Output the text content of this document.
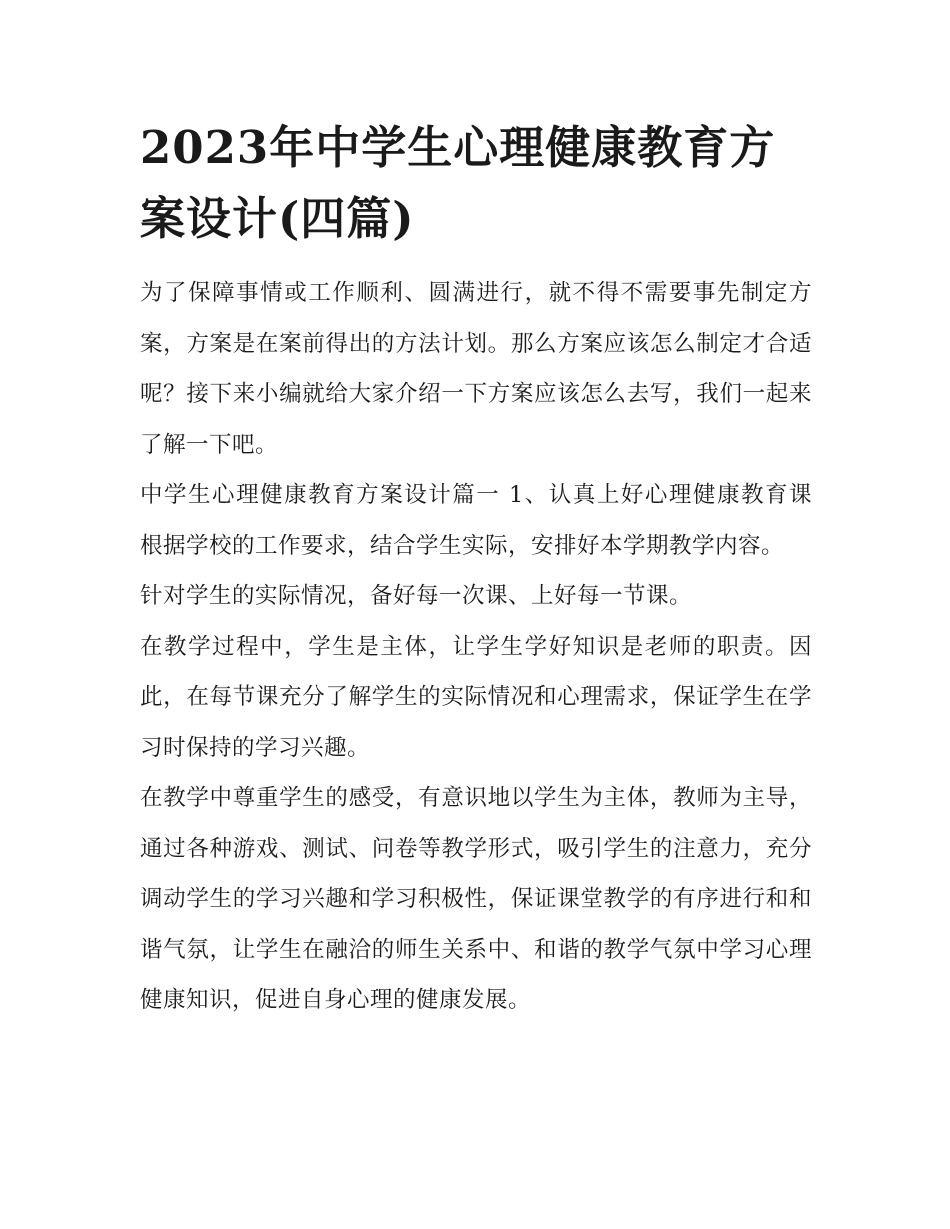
2023年中学生心理健康教育方案设计(四篇)

为了保障事情或工作顺利、圆满进行，就不得不需要事先制定方案，方案是在案前得出的方法计划。那么方案应该怎么制定才合适呢？接下来小编就给大家介绍一下方案应该怎么去写，我们一起来了解一下吧。

中学生心理健康教育方案设计篇一 1、认真上好心理健康教育课 根据学校的工作要求，结合学生实际，安排好本学期教学内容。

针对学生的实际情况，备好每一次课、上好每一节课。

在教学过程中，学生是主体，让学生学好知识是老师的职责。因此，在每节课充分了解学生的实际情况和心理需求，保证学生在学习时保持的学习兴趣。

在教学中尊重学生的感受，有意识地以学生为主体，教师为主导，通过各种游戏、测试、问卷等教学形式，吸引学生的注意力，充分调动学生的学习兴趣和学习积极性，保证课堂教学的有序进行和和谐气氛，让学生在融洽的师生关系中、和谐的教学气氛中学习心理健康知识，促进自身心理的健康发展。
